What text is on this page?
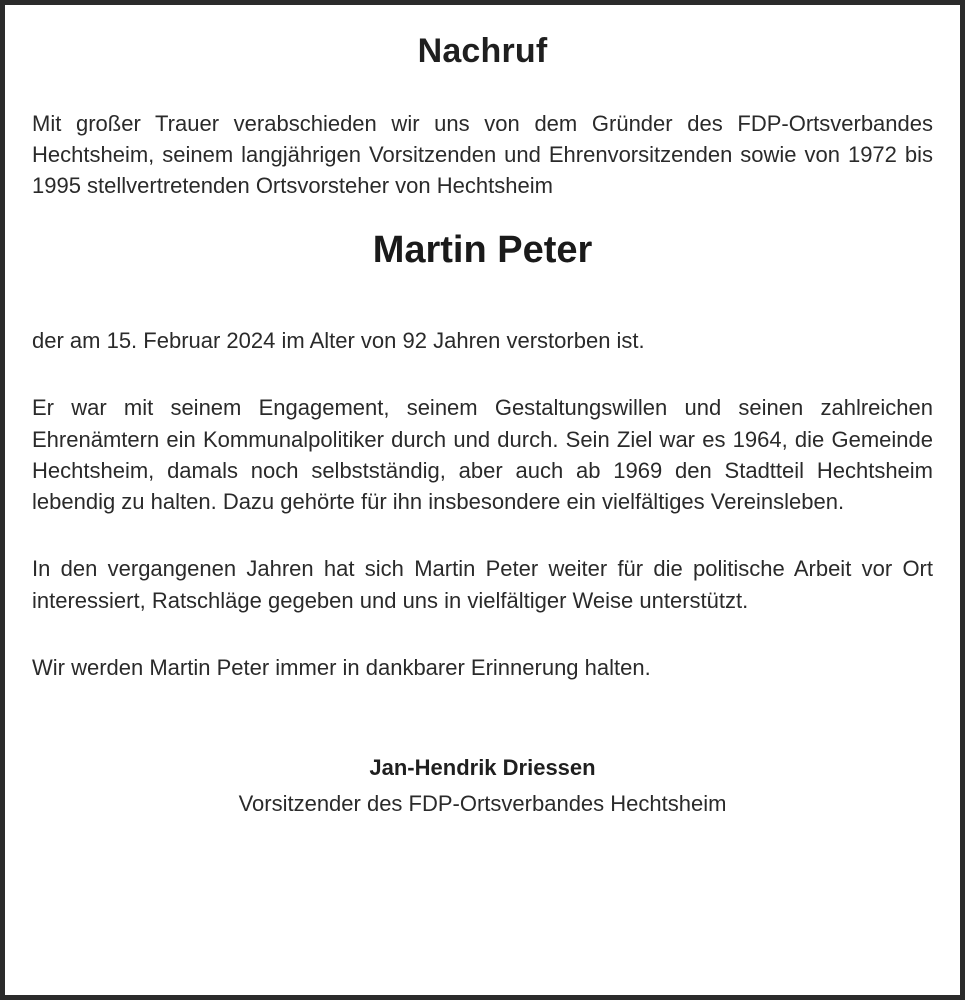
Nachruf

Mit großer Trauer verabschieden wir uns von dem Gründer des FDP-Ortsverbandes Hechtsheim, seinem langjährigen Vorsitzenden und Ehrenvorsitzenden sowie von 1972 bis 1995 stellvertretenden Ortsvorsteher von Hechtsheim

Martin Peter

der am 15. Februar 2024 im Alter von 92 Jahren verstorben ist.

Er war mit seinem Engagement, seinem Gestaltungswillen und seinen zahlreichen Ehrenämtern ein Kommunalpolitiker durch und durch. Sein Ziel war es 1964, die Gemeinde Hechtsheim, damals noch selbstständig, aber auch ab 1969 den Stadtteil Hechtsheim lebendig zu halten. Dazu gehörte für ihn insbesondere ein vielfältiges Vereinsleben.

In den vergangenen Jahren hat sich Martin Peter weiter für die politische Arbeit vor Ort interessiert, Ratschläge gegeben und uns in vielfältiger Weise unterstützt.

Wir werden Martin Peter immer in dankbarer Erinnerung halten.

Jan-Hendrik Driessen
Vorsitzender des FDP-Ortsverbandes Hechtsheim
